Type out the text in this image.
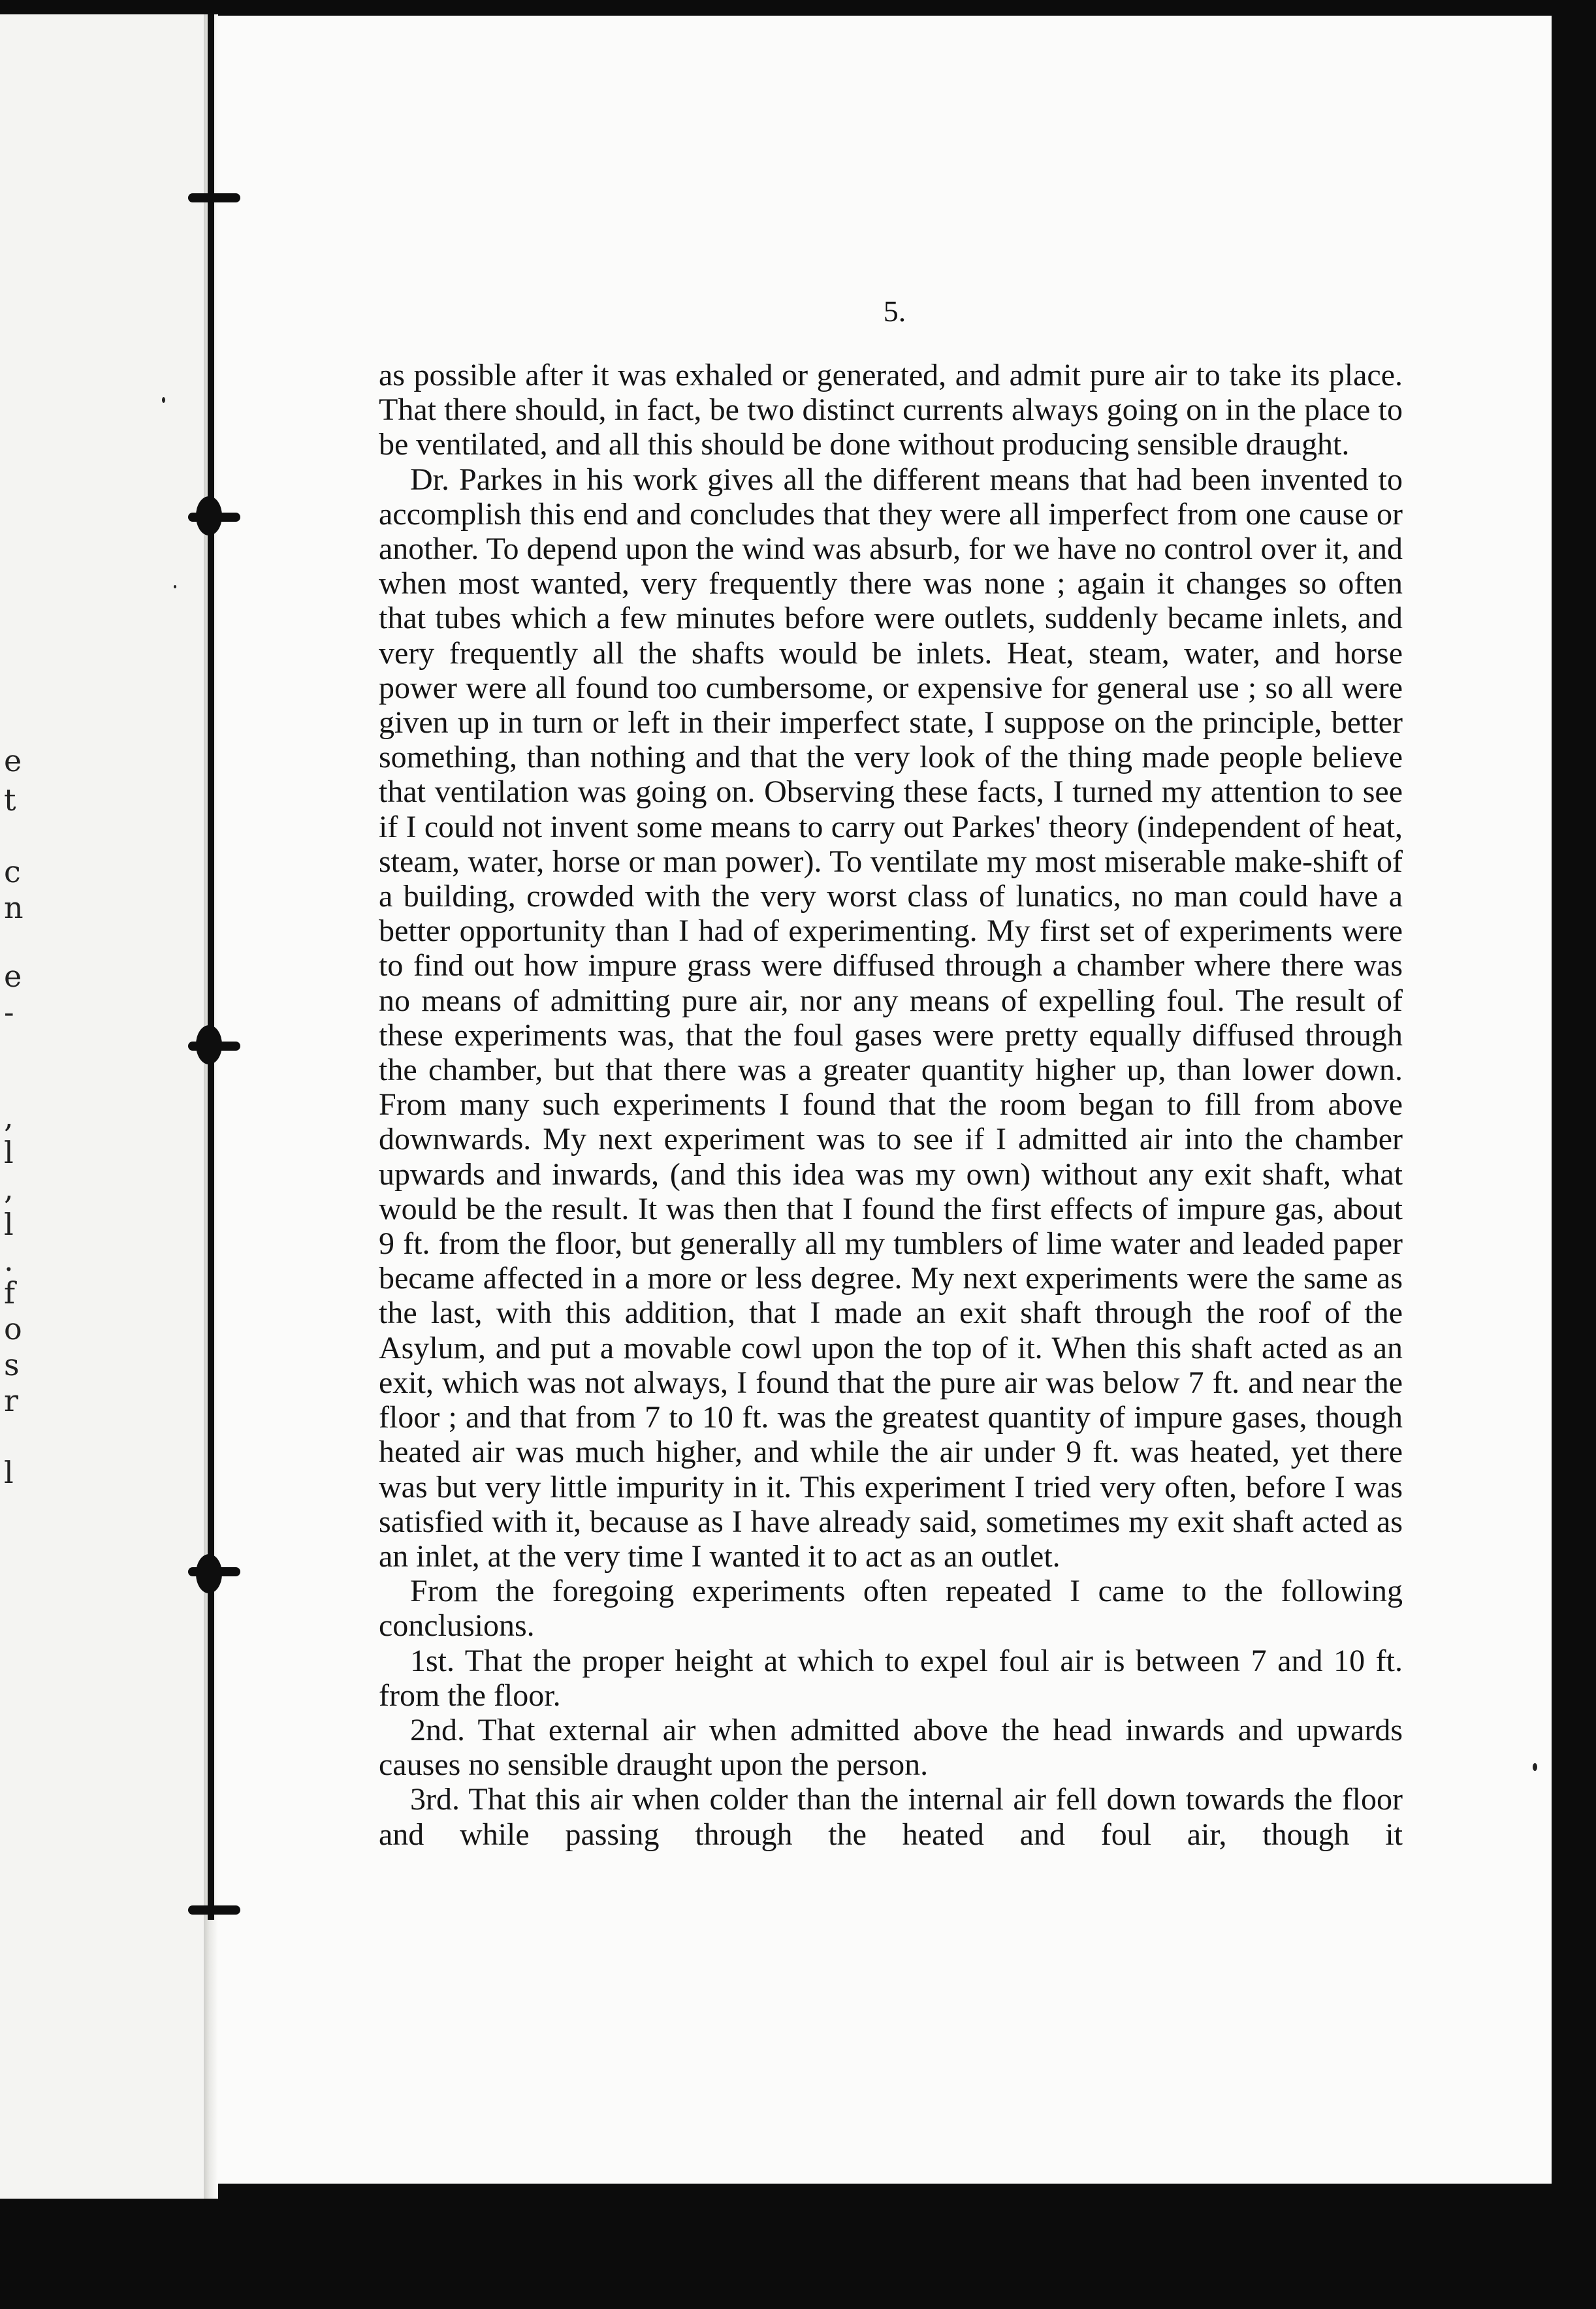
e
t
c
n
e
-
,
l
,
l
.
f
o
s
r
l
5.

as possible after it was exhaled or generated, and admit pure air to take its place. That there should, in fact, be two distinct currents always going on in the place to be ventilated, and all this should be done without producing sensible draught.

Dr. Parkes in his work gives all the different means that had been invented to accomplish this end and concludes that they were all imperfect from one cause or another. To depend upon the wind was absurb, for we have no control over it, and when most wanted, very frequently there was none ; again it changes so often that tubes which a few minutes before were outlets, suddenly became inlets, and very frequently all the shafts would be inlets. Heat, steam, water, and horse power were all found too cumbersome, or expensive for general use ; so all were given up in turn or left in their imperfect state, I suppose on the principle, better something, than nothing and that the very look of the thing made people believe that ventilation was going on. Observing these facts, I turned my attention to see if I could not invent some means to carry out Parkes' theory (independent of heat, steam, water, horse or man power). To ventilate my most miserable make-shift of a building, crowded with the very worst class of lunatics, no man could have a better opportunity than I had of experimenting. My first set of experiments were to find out how impure grass were diffused through a chamber where there was no means of admitting pure air, nor any means of expelling foul. The result of these experiments was, that the foul gases were pretty equally diffused through the chamber, but that there was a greater quantity higher up, than lower down. From many such experiments I found that the room began to fill from above downwards. My next experiment was to see if I admitted air into the chamber upwards and inwards, (and this idea was my own) without any exit shaft, what would be the result. It was then that I found the first effects of impure gas, about 9 ft. from the floor, but generally all my tumblers of lime water and leaded paper became affected in a more or less degree. My next experiments were the same as the last, with this addition, that I made an exit shaft through the roof of the Asylum, and put a movable cowl upon the top of it. When this shaft acted as an exit, which was not always, I found that the pure air was below 7 ft. and near the floor ; and that from 7 to 10 ft. was the greatest quantity of impure gases, though heated air was much higher, and while the air under 9 ft. was heated, yet there was but very little impurity in it. This experiment I tried very often, before I was satisfied with it, because as I have already said, sometimes my exit shaft acted as an inlet, at the very time I wanted it to act as an outlet.

From the foregoing experiments often repeated I came to the following conclusions.

1st. That the proper height at which to expel foul air is between 7 and 10 ft. from the floor.

2nd. That external air when admitted above the head inwards and upwards causes no sensible draught upon the person.

3rd. That this air when colder than the internal air fell down towards the floor and while passing through the heated and foul air, though it
